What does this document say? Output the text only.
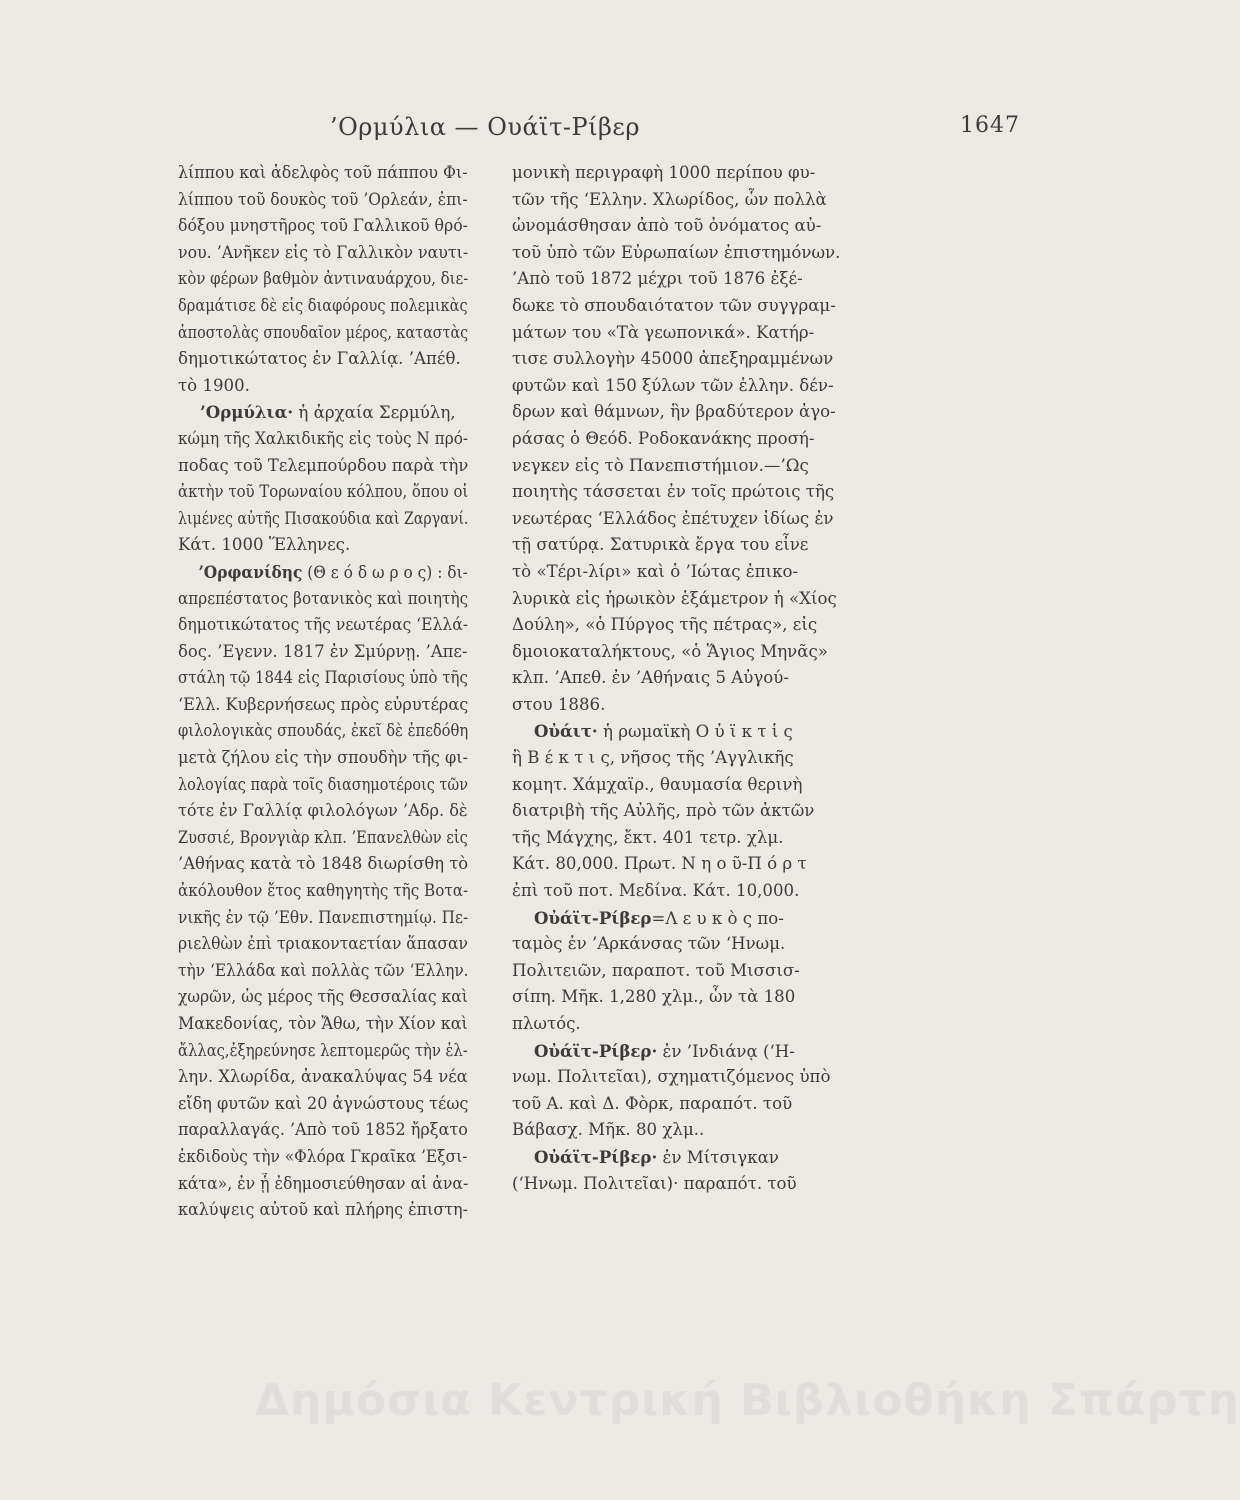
’Ορμύλια — Ουάϊτ-Ρίβερ	1647
λίππου καὶ ἀδελφὸς τοῦ πάππου Φι-
λίππου τοῦ δουκὸς τοῦ ’Ορλεάν, ἐπι-
δόξου μνηστῆρος τοῦ Γαλλικοῦ θρό-
νου. ’Ανῆκεν εἰς τὸ Γαλλικὸν ναυτι-
κὸν φέρων βαθμὸν ἀντιναυάρχου, διε-
δραμάτισε δὲ εἰς διαφόρους πολεμικὰς
ἀποστολὰς σπουδαῖον μέρος, καταστὰς
δημοτικώτατος ἐν Γαλλίᾳ. ’Απέθ.
τὸ 1900.
’Ορμύλια· ἡ ἀρχαία Σερμύλη,
κώμη τῆς Χαλκιδικῆς εἰς τοὺς Ν πρό-
ποδας τοῦ Τελεμπούρδου παρὰ τὴν
ἀκτὴν τοῦ Τορωναίου κόλπου, ὅπου οἱ
λιμένες αὐτῆς Πισακούδια καὶ Ζαργανί.
Κάτ. 1000 Ἕλληνες.
’Ορφανίδης (Θ ε ό δ ω ρ ο ς) : δι-
απρεπέστατος βοτανικὸς καὶ ποιητὴς
δημοτικώτατος τῆς νεωτέρας ‘Ελλά-
δος. ’Εγενν. 1817 ἐν Σμύρνῃ. ’Απε-
στάλη τῷ 1844 εἰς Παρισίους ὑπὸ τῆς
‘Ελλ. Κυβερνήσεως πρὸς εὐρυτέρας
φιλολογικὰς σπουδάς, ἐκεῖ δὲ ἐπεδόθη
μετὰ ζήλου εἰς τὴν σπουδὴν τῆς φι-
λολογίας παρὰ τοῖς διασημοτέροις τῶν
τότε ἐν Γαλλίᾳ φιλολόγων ’Αδρ. δὲ
Ζυσσιέ, Βρονγιὰρ κλπ. ’Επανελθὼν εἰς
’Αθήνας κατὰ τὸ 1848 διωρίσθη τὸ
ἀκόλουθον ἔτος καθηγητὴς τῆς Βοτα-
νικῆς ἐν τῷ ’Εθν. Πανεπιστημίῳ. Πε-
ριελθὼν ἐπὶ τριακονταετίαν ἅπασαν
τὴν ‘Ελλάδα καὶ πολλὰς τῶν ‘Ελλην.
χωρῶν, ὡς μέρος τῆς Θεσσαλίας καὶ
Μακεδονίας, τὸν Ἄθω, τὴν Χίον καὶ
ἄλλας,ἐξηρεύνησε λεπτομερῶς τὴν ἑλ-
λην. Χλωρίδα, ἀνακαλύψας 54 νέα
εἴδη φυτῶν καὶ 20 ἀγνώστους τέως
παραλλαγάς. ’Απὸ τοῦ 1852 ἤρξατο
ἐκδιδοὺς τὴν «Φλόρα Γκραῖκα ’Εξσι-
κάτα», ἐν ᾗ ἐδημοσιεύθησαν αἱ ἀνα-
καλύψεις αὐτοῦ καὶ πλήρης ἐπιστη-
μονικὴ περιγραφὴ 1000 περίπου φυ-
τῶν τῆς ‘Ελλην. Χλωρίδος, ὧν πολλὰ
ὠνομάσθησαν ἀπὸ τοῦ ὀνόματος αὐ-
τοῦ ὑπὸ τῶν Εὐρωπαίων ἐπιστημόνων.
’Απὸ τοῦ 1872 μέχρι τοῦ 1876 ἐξέ-
δωκε τὸ σπουδαιότατον τῶν συγγραμ-
μάτων του «Τὰ γεωπονικά». Κατήρ-
τισε συλλογὴν 45000 ἀπεξηραμμένων
φυτῶν καὶ 150 ξύλων τῶν ἑλλην. δέν-
δρων καὶ θάμνων, ἣν βραδύτερον ἀγο-
ράσας ὁ Θεόδ. Ροδοκανάκης προσή-
νεγκεν εἰς τὸ Πανεπιστήμιον.—’Ως
ποιητὴς τάσσεται ἐν τοῖς πρώτοις τῆς
νεωτέρας ‘Ελλάδος ἐπέτυχεν ἰδίως ἐν
τῇ σατύρᾳ. Σατυρικὰ ἔργα του εἶνε
τὸ «Τέρι-λίρι» καὶ ὁ ’Ιώτας ἐπικο-
λυρικὰ εἰς ἡρωικὸν ἑξάμετρον ἡ «Χίος
Δούλη», «ὁ Πύργος τῆς πέτρας», εἰς
δμοιοκαταλήκτους, «ὁ Ἅγιος Μηνᾶς»
κλπ. ’Απεθ. ἐν ’Αθήναις 5 Αὐγού-
στου 1886.
Οὐάιτ· ἡ ρωμαϊκὴ Ο ὐ ϊ κ τ ἱ ς
ἢ Β έ κ τ ι ς, νῆσος τῆς ’Αγγλικῆς
κομητ. Χάμχαϊρ., θαυμασία θερινὴ
διατριβὴ τῆς Αὐλῆς, πρὸ τῶν ἀκτῶν
τῆς Μάγχης, ἔκτ. 401 τετρ. χλμ.
Κάτ. 80,000. Πρωτ. Ν η ο ῦ-Π ό ρ τ
ἐπὶ τοῦ ποτ. Μεδίνα. Κάτ. 10,000.
Οὐάϊτ-Ρίβερ=Λ ε υ κ ὸ ς πο-
ταμὸς ἐν ’Αρκάνσας τῶν ‘Ηνωμ.
Πολιτειῶν, παραποτ. τοῦ Μισσισ-
σίπη. Μῆκ. 1,280 χλμ., ὧν τὰ 180
πλωτός.
Οὐάϊτ-Ρίβερ· ἐν ’Ινδιάνᾳ (‘Η-
νωμ. Πολιτεῖαι), σχηματιζόμενος ὑπὸ
τοῦ Α. καὶ Δ. Φὸρκ, παραπότ. τοῦ
Βάβασχ. Μῆκ. 80 χλμ..
Οὐάϊτ-Ρίβερ· ἐν Μίτσιγκαν
(‘Ηνωμ. Πολιτεῖαι)· παραπότ. τοῦ
Δημόσια Κεντρική Βιβλιοθήκη Σπάρτη
